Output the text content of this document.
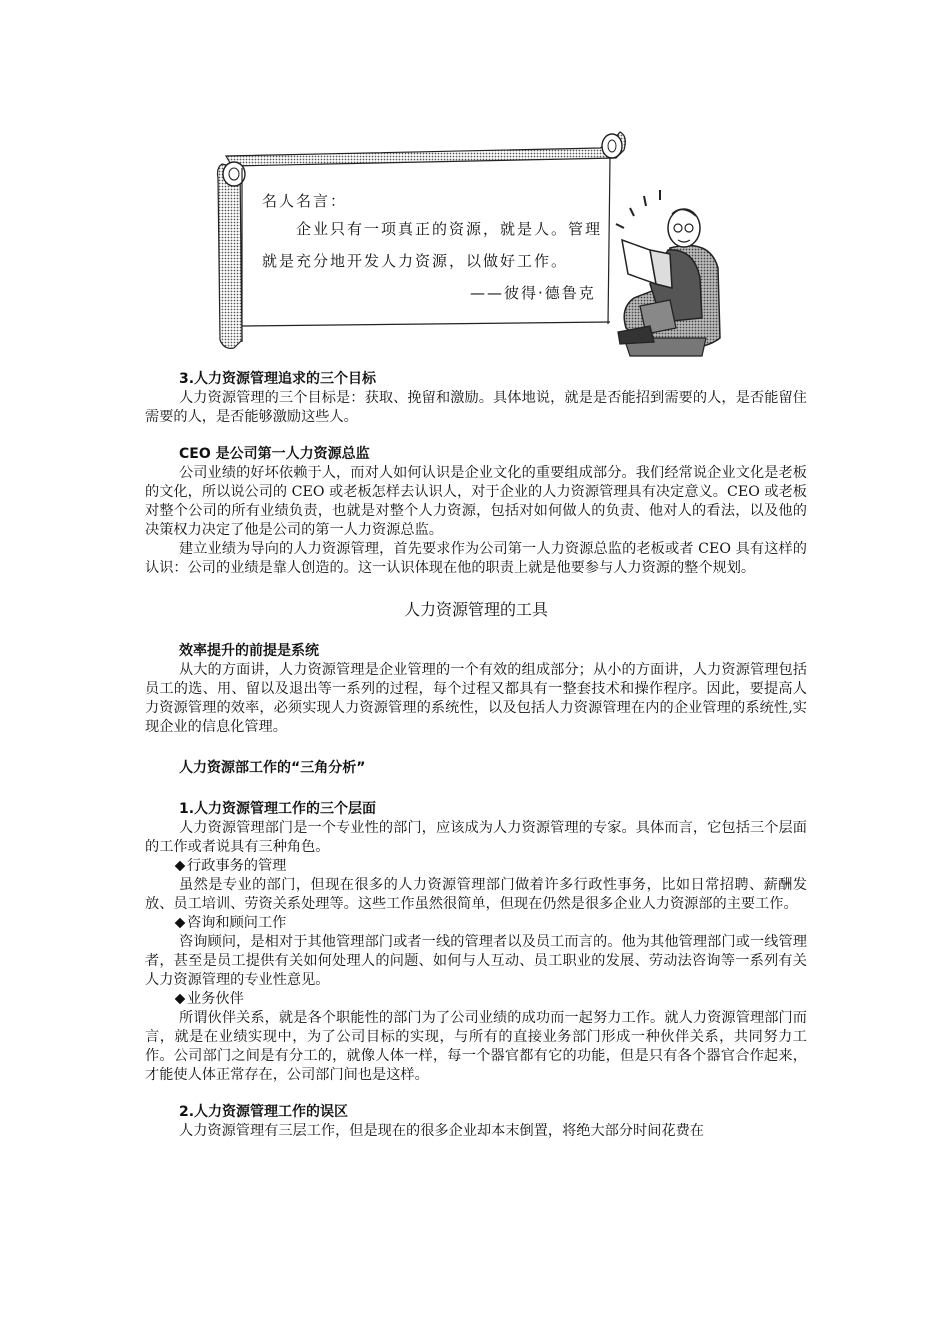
名人名言：
企业只有一项真正的资源，就是人。管理
就是充分地开发人力资源，以做好工作。
——彼得·德鲁克
3.人力资源管理追求的三个目标

人力资源管理的三个目标是：获取、挽留和激励。具体地说，就是是否能招到需要的人，是否能留住需要的人，是否能够激励这些人。

CEO 是公司第一人力资源总监

公司业绩的好坏依赖于人，而对人如何认识是企业文化的重要组成部分。我们经常说企业文化是老板的文化，所以说公司的 CEO 或老板怎样去认识人，对于企业的人力资源管理具有决定意义。CEO 或老板对整个公司的所有业绩负责，也就是对整个人力资源，包括对如何做人的负责、他对人的看法，以及他的决策权力决定了他是公司的第一人力资源总监。

建立业绩为导向的人力资源管理，首先要求作为公司第一人力资源总监的老板或者 CEO 具有这样的认识：公司的业绩是靠人创造的。这一认识体现在他的职责上就是他要参与人力资源的整个规划。

人力资源管理的工具
效率提升的前提是系统

从大的方面讲，人力资源管理是企业管理的一个有效的组成部分；从小的方面讲，人力资源管理包括员工的选、用、留以及退出等一系列的过程，每个过程又都具有一整套技术和操作程序。因此，要提高人力资源管理的效率，必须实现人力资源管理的系统性，以及包括人力资源管理在内的企业管理的系统性,实现企业的信息化管理。

人力资源部工作的“三角分析”
1.人力资源管理工作的三个层面

人力资源管理部门是一个专业性的部门，应该成为人力资源管理的专家。具体而言，它包括三个层面的工作或者说具有三种角色。

行政事务的管理

虽然是专业的部门，但现在很多的人力资源管理部门做着许多行政性事务，比如日常招聘、薪酬发放、员工培训、劳资关系处理等。这些工作虽然很简单，但现在仍然是很多企业人力资源部的主要工作。

咨询和顾问工作

咨询顾问，是相对于其他管理部门或者一线的管理者以及员工而言的。他为其他管理部门或一线管理者，甚至是员工提供有关如何处理人的问题、如何与人互动、员工职业的发展、劳动法咨询等一系列有关人力资源管理的专业性意见。

业务伙伴

所谓伙伴关系，就是各个职能性的部门为了公司业绩的成功而一起努力工作。就人力资源管理部门而言，就是在业绩实现中，为了公司目标的实现，与所有的直接业务部门形成一种伙伴关系，共同努力工作。公司部门之间是有分工的，就像人体一样，每一个器官都有它的功能，但是只有各个器官合作起来，才能使人体正常存在，公司部门间也是这样。

2.人力资源管理工作的误区

人力资源管理有三层工作，但是现在的很多企业却本末倒置，将绝大部分时间花费在
